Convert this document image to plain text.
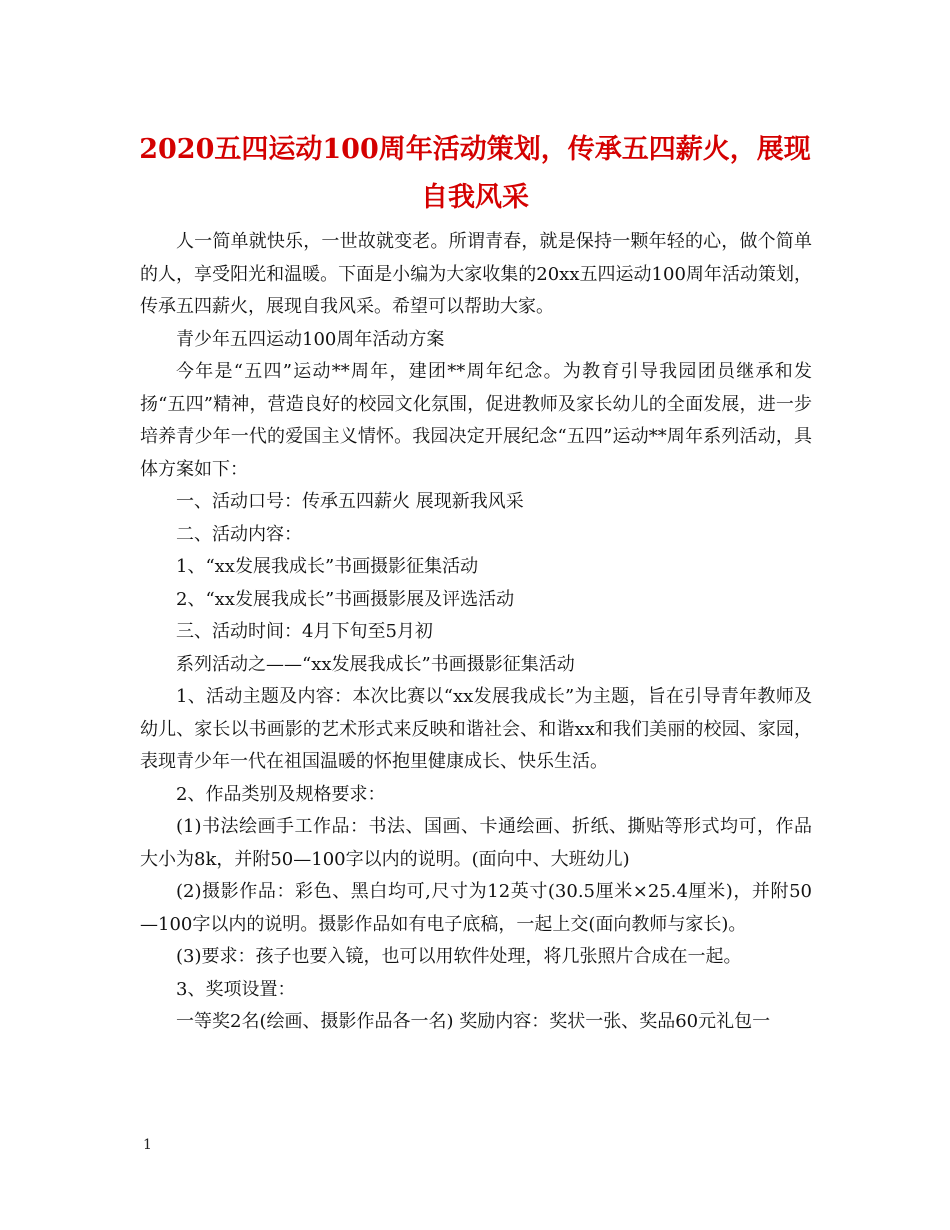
2020五四运动100周年活动策划，传承五四薪火，展现自我风采

人一简单就快乐，一世故就变老。所谓青春，就是保持一颗年轻的心，做个简单的人，享受阳光和温暖。下面是小编为大家收集的20xx五四运动100周年活动策划，传承五四薪火，展现自我风采。希望可以帮助大家。

青少年五四运动100周年活动方案

今年是“五四”运动**周年，建团**周年纪念。为教育引导我园团员继承和发扬“五四”精神，营造良好的校园文化氛围，促进教师及家长幼儿的全面发展，进一步培养青少年一代的爱国主义情怀。我园决定开展纪念“五四”运动**周年系列活动，具体方案如下：

一、活动口号：传承五四薪火 展现新我风采

二、活动内容：

1、“xx发展我成长”书画摄影征集活动

2、“xx发展我成长”书画摄影展及评选活动

三、活动时间：4月下旬至5月初

系列活动之——“xx发展我成长”书画摄影征集活动

1、活动主题及内容：本次比赛以“xx发展我成长”为主题，旨在引导青年教师及幼儿、家长以书画影的艺术形式来反映和谐社会、和谐xx和我们美丽的校园、家园，表现青少年一代在祖国温暖的怀抱里健康成长、快乐生活。

2、作品类别及规格要求：

(1)书法绘画手工作品：书法、国画、卡通绘画、折纸、撕贴等形式均可，作品大小为8k，并附50—100字以内的说明。(面向中、大班幼儿)

(2)摄影作品：彩色、黑白均可,尺寸为12英寸(30.5厘米×25.4厘米)，并附50—100字以内的说明。摄影作品如有电子底稿，一起上交(面向教师与家长)。

(3)要求：孩子也要入镜，也可以用软件处理，将几张照片合成在一起。

3、奖项设置：

一等奖2名(绘画、摄影作品各一名) 奖励内容：奖状一张、奖品60元礼包一

1
